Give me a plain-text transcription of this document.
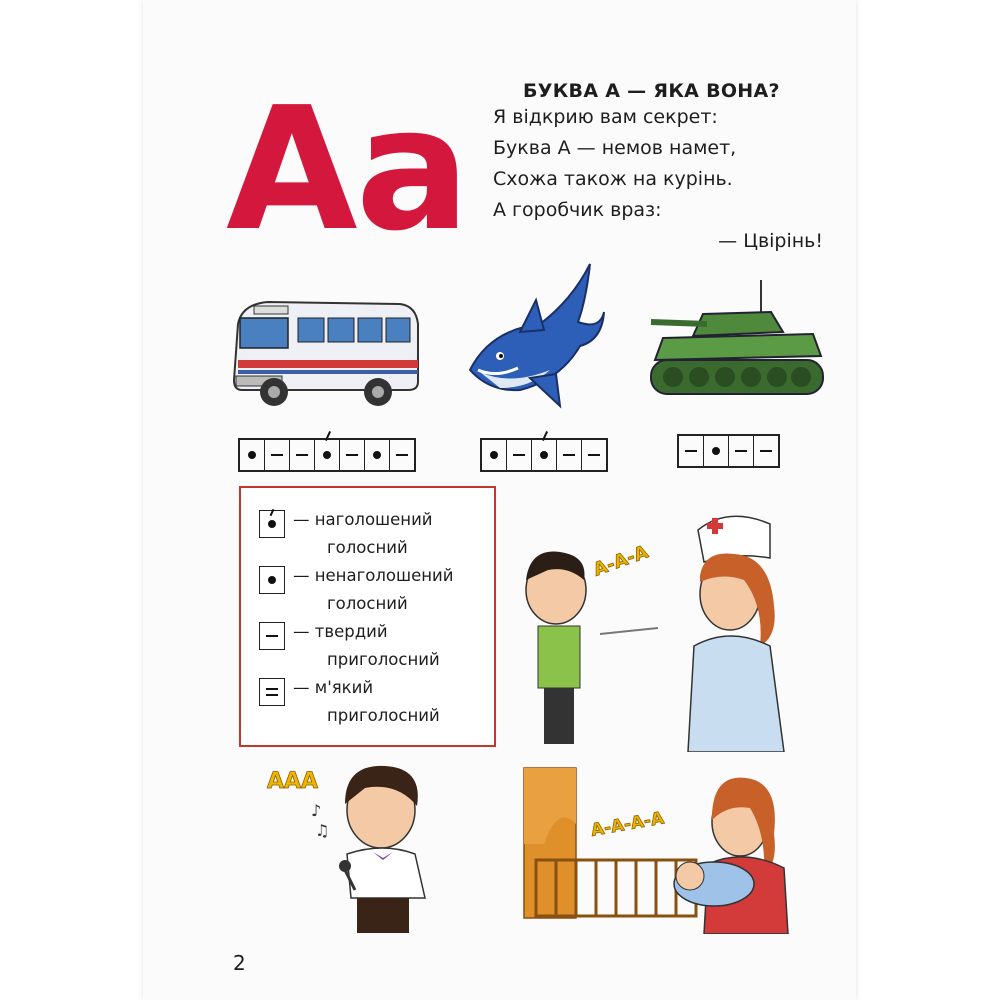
Аа	БУКВА А — ЯКА ВОНА?
Я відкрию вам секрет:
Буква А — немов намет,
Схожа також на курінь.
А горобчик враз:
— Цвірінь!
— наголошений
голосний
— ненаголошений
голосний
— твердий
приголосний
— м'який
приголосний
А-А-А
ААА
♪
♫	А-А-А-А
2
